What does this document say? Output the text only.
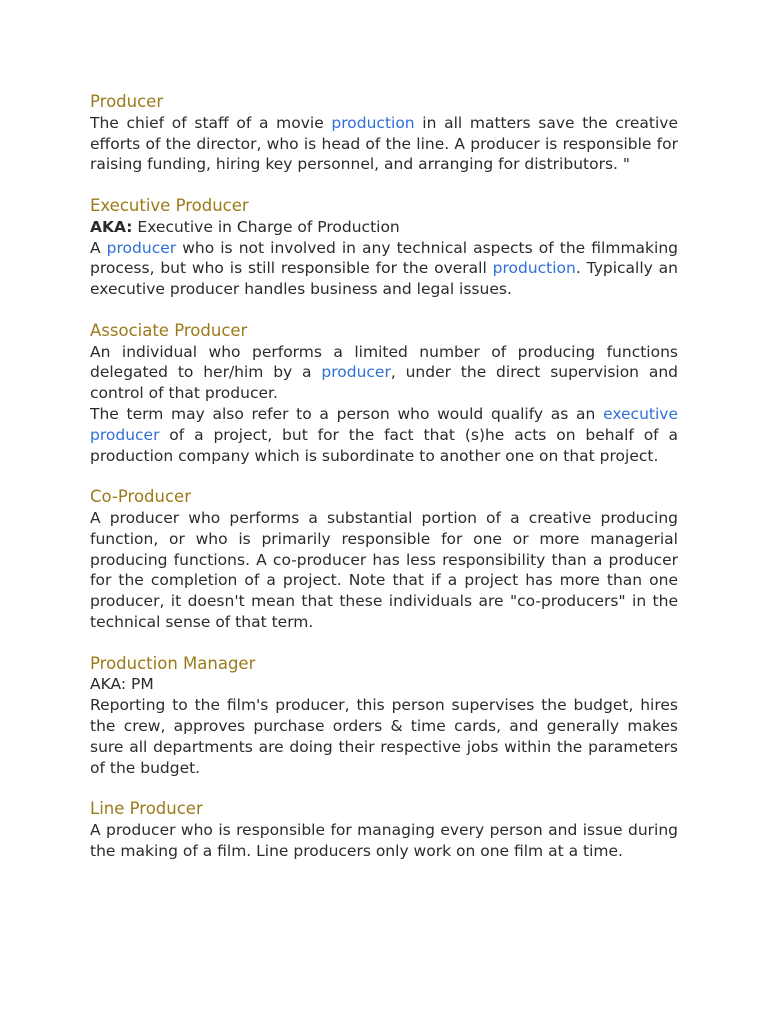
Producer
The chief of staff of a movie production in all matters save the creative efforts of the director, who is head of the line. A producer is responsible for raising funding, hiring key personnel, and arranging for distributors. "
Executive Producer
AKA: Executive in Charge of Production
A producer who is not involved in any technical aspects of the filmmaking process, but who is still responsible for the overall production. Typically an executive producer handles business and legal issues.
Associate Producer
An individual who performs a limited number of producing functions delegated to her/him by a producer, under the direct supervision and control of that producer.
The term may also refer to a person who would qualify as an executive producer of a project, but for the fact that (s)he acts on behalf of a production company which is subordinate to another one on that project.
Co-Producer
A producer who performs a substantial portion of a creative producing function, or who is primarily responsible for one or more managerial producing functions. A co-producer has less responsibility than a producer for the completion of a project. Note that if a project has more than one producer, it doesn't mean that these individuals are "co-producers" in the technical sense of that term.
Production Manager
AKA: PM
Reporting to the film's producer, this person supervises the budget, hires the crew, approves purchase orders & time cards, and generally makes sure all departments are doing their respective jobs within the parameters of the budget.
Line Producer
A producer who is responsible for managing every person and issue during the making of a film. Line producers only work on one film at a time.
